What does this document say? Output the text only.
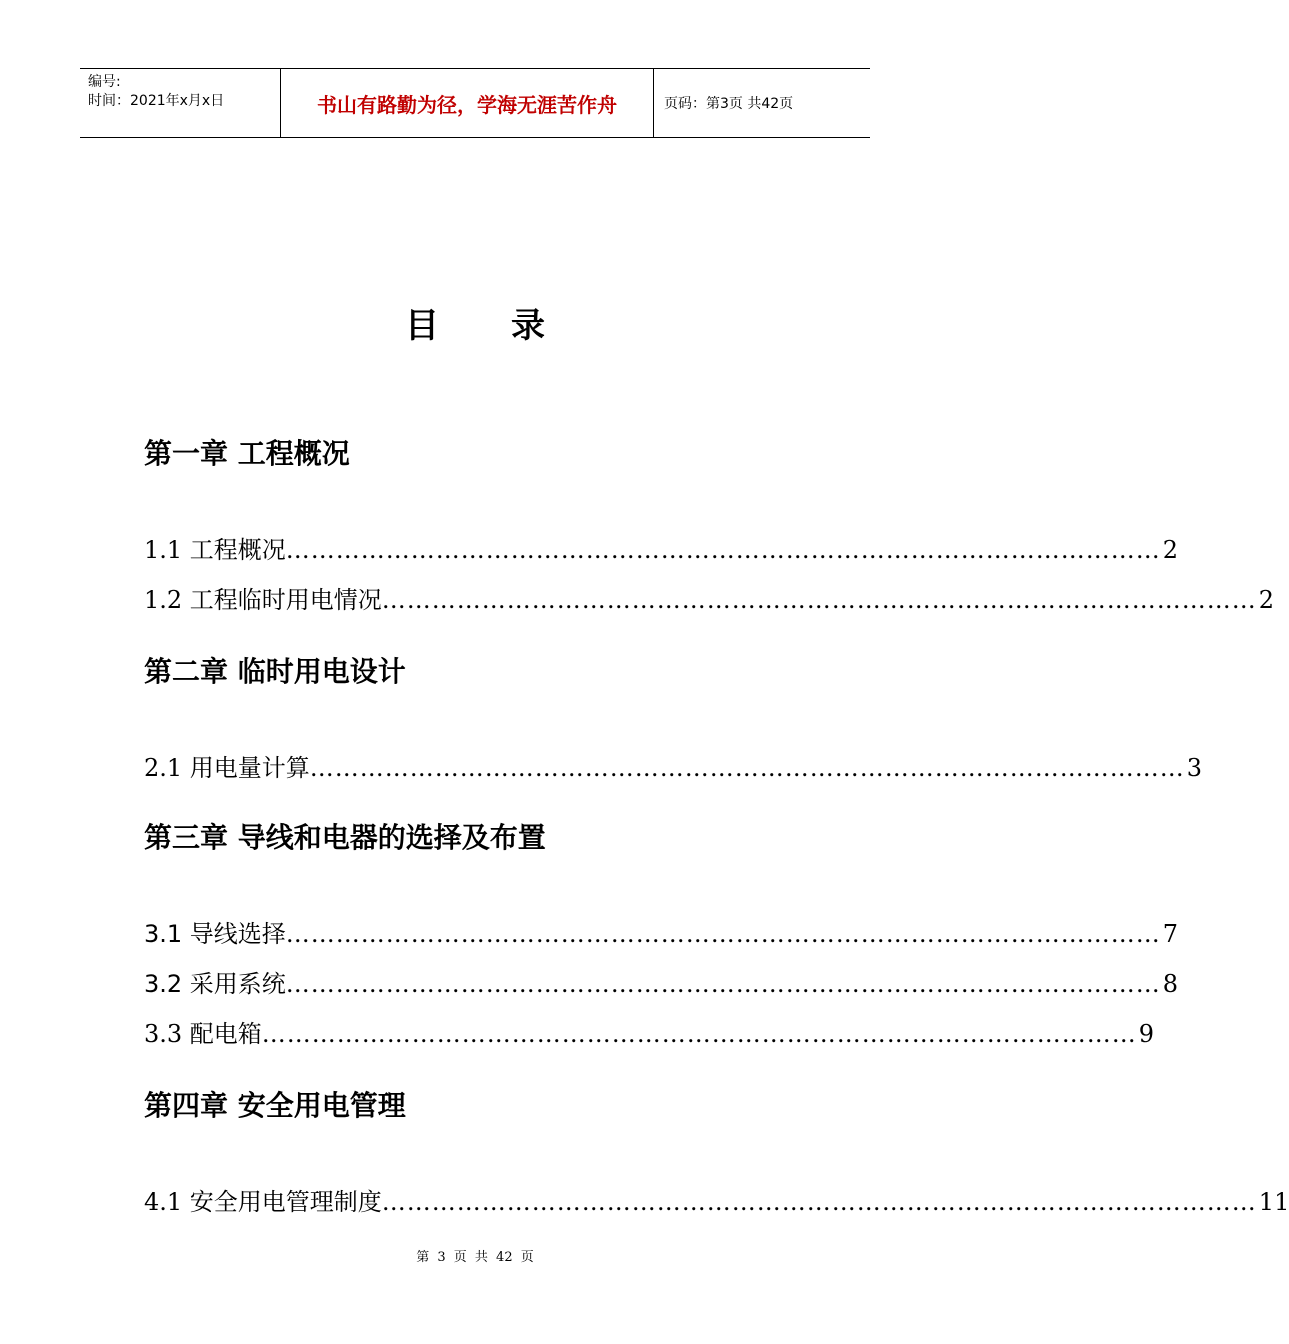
编号:
时间：2021年x月x日	书山有路勤为径，学海无涯苦作舟	页码：第3页 共42页
目录
第一章 工程概况
1.1 工程概况 …………………………………………………………………………………………… 2
1.2 工程临时用电情况 …………………………………………………………………………………………… 2
第二章 临时用电设计
2.1 用电量计算 …………………………………………………………………………………………… 3
第三章 导线和电器的选择及布置
3.1 导线选择 …………………………………………………………………………………………… 7
3.2 采用系统 …………………………………………………………………………………………… 8
3.3 配电箱 …………………………………………………………………………………………… 9
第四章 安全用电管理
4.1 安全用电管理制度 …………………………………………………………………………………………… 11
第 3 页 共 42 页
